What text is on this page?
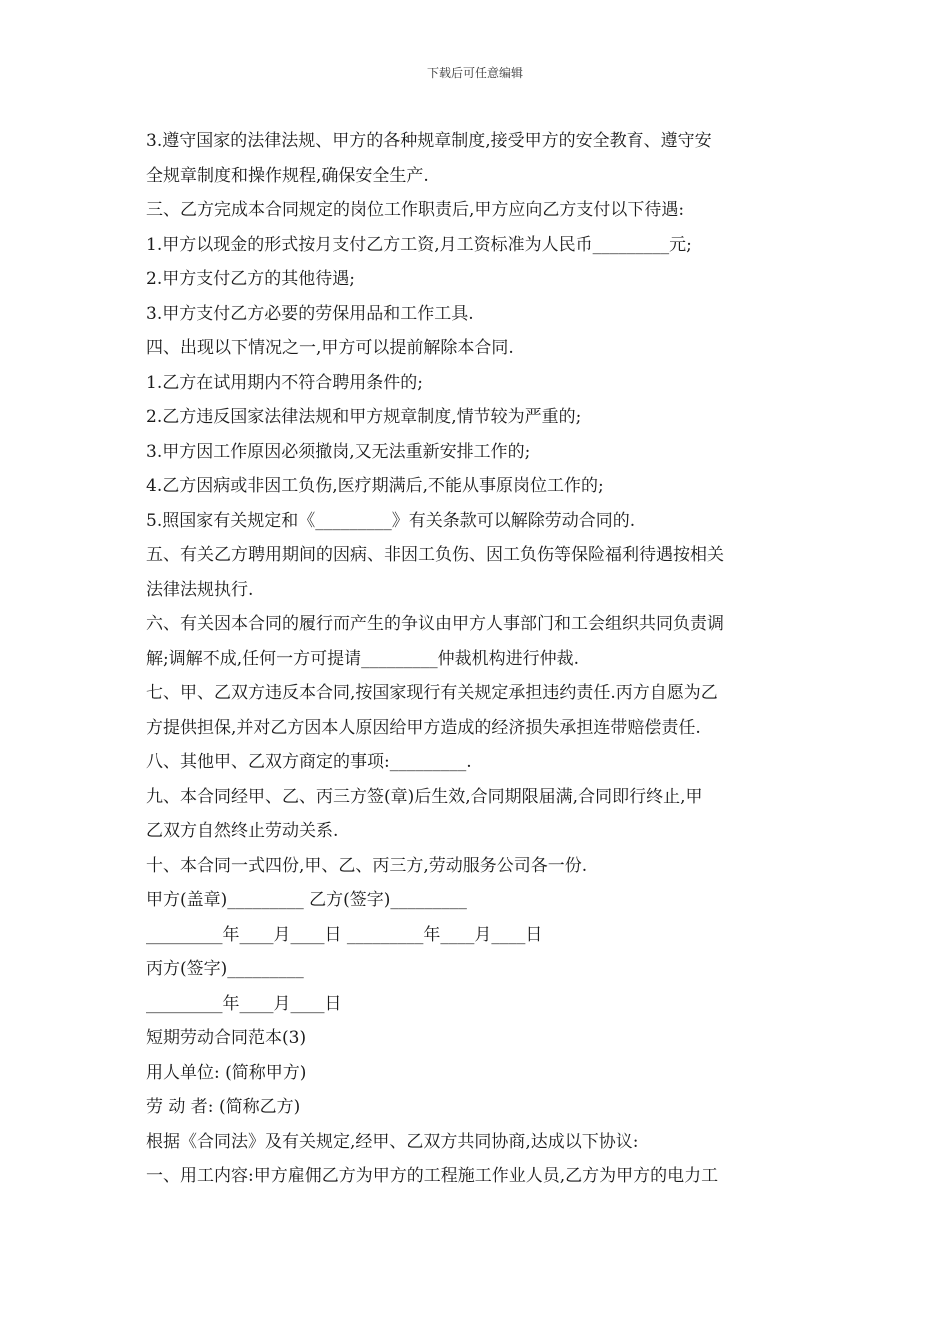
下载后可任意编辑
3.遵守国家的法律法规、甲方的各种规章制度,接受甲方的安全教育、遵守安
全规章制度和操作规程,确保安全生产.
三、乙方完成本合同规定的岗位工作职责后,甲方应向乙方支付以下待遇:
1.甲方以现金的形式按月支付乙方工资,月工资标准为人民币_________元;
2.甲方支付乙方的其他待遇;
3.甲方支付乙方必要的劳保用品和工作工具.
四、出现以下情况之一,甲方可以提前解除本合同.
1.乙方在试用期内不符合聘用条件的;
2.乙方违反国家法律法规和甲方规章制度,情节较为严重的;
3.甲方因工作原因必须撤岗,又无法重新安排工作的;
4.乙方因病或非因工负伤,医疗期满后,不能从事原岗位工作的;
5.照国家有关规定和《_________》有关条款可以解除劳动合同的.
五、有关乙方聘用期间的因病、非因工负伤、因工负伤等保险福利待遇按相关
法律法规执行.
六、有关因本合同的履行而产生的争议由甲方人事部门和工会组织共同负责调
解;调解不成,任何一方可提请_________仲裁机构进行仲裁.
七、甲、乙双方违反本合同,按国家现行有关规定承担违约责任.丙方自愿为乙
方提供担保,并对乙方因本人原因给甲方造成的经济损失承担连带赔偿责任.
八、其他甲、乙双方商定的事项:_________.
九、本合同经甲、乙、丙三方签(章)后生效,合同期限届满,合同即行终止,甲
乙双方自然终止劳动关系.
十、本合同一式四份,甲、乙、丙三方,劳动服务公司各一份.
甲方(盖章)_________ 乙方(签字)_________
_________年____月____日 _________年____月____日
丙方(签字)_________
_________年____月____日
短期劳动合同范本(3)
用人单位: (简称甲方)
劳 动 者: (简称乙方)
根据《合同法》及有关规定,经甲、乙双方共同协商,达成以下协议:
一、用工内容:甲方雇佣乙方为甲方的工程施工作业人员,乙方为甲方的电力工
